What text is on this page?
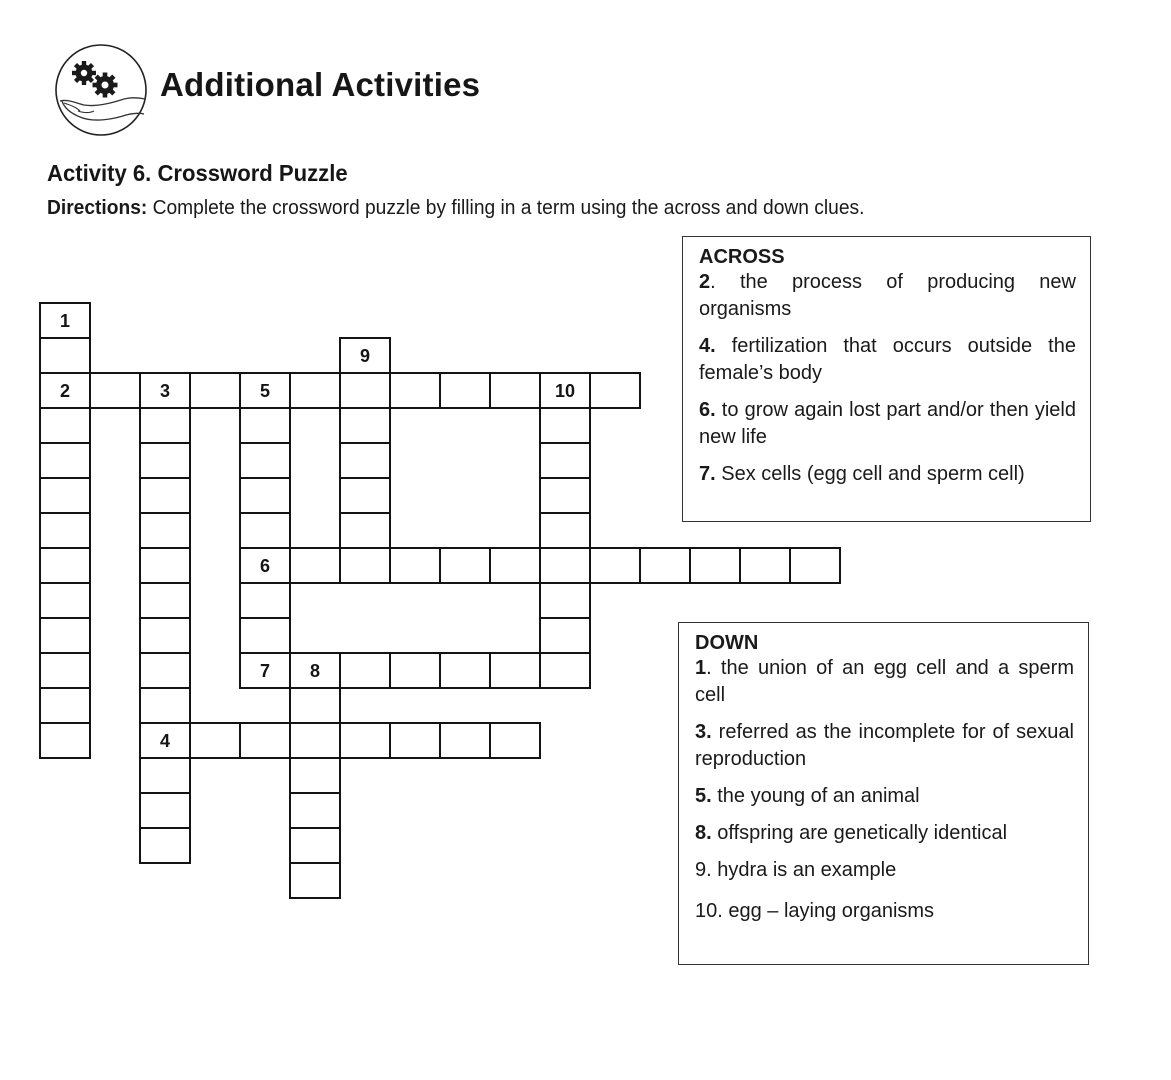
Additional Activities
Activity 6. Crossword Puzzle
Directions: Complete the crossword puzzle by filling in a term using the across and down clues.
1
2	3	5	10
4
6
7	8
9
ACROSS
2. the process of producing new organisms
4. fertilization that occurs outside the female’s body
6. to grow again lost part and/or then yield new life
7. Sex cells (egg cell and sperm cell)
DOWN
1. the union of an egg cell and a sperm cell
3. referred as the incomplete for of sexual reproduction
5. the young of an animal
8. offspring are genetically identical
9. hydra is an example
10. egg – laying organisms
